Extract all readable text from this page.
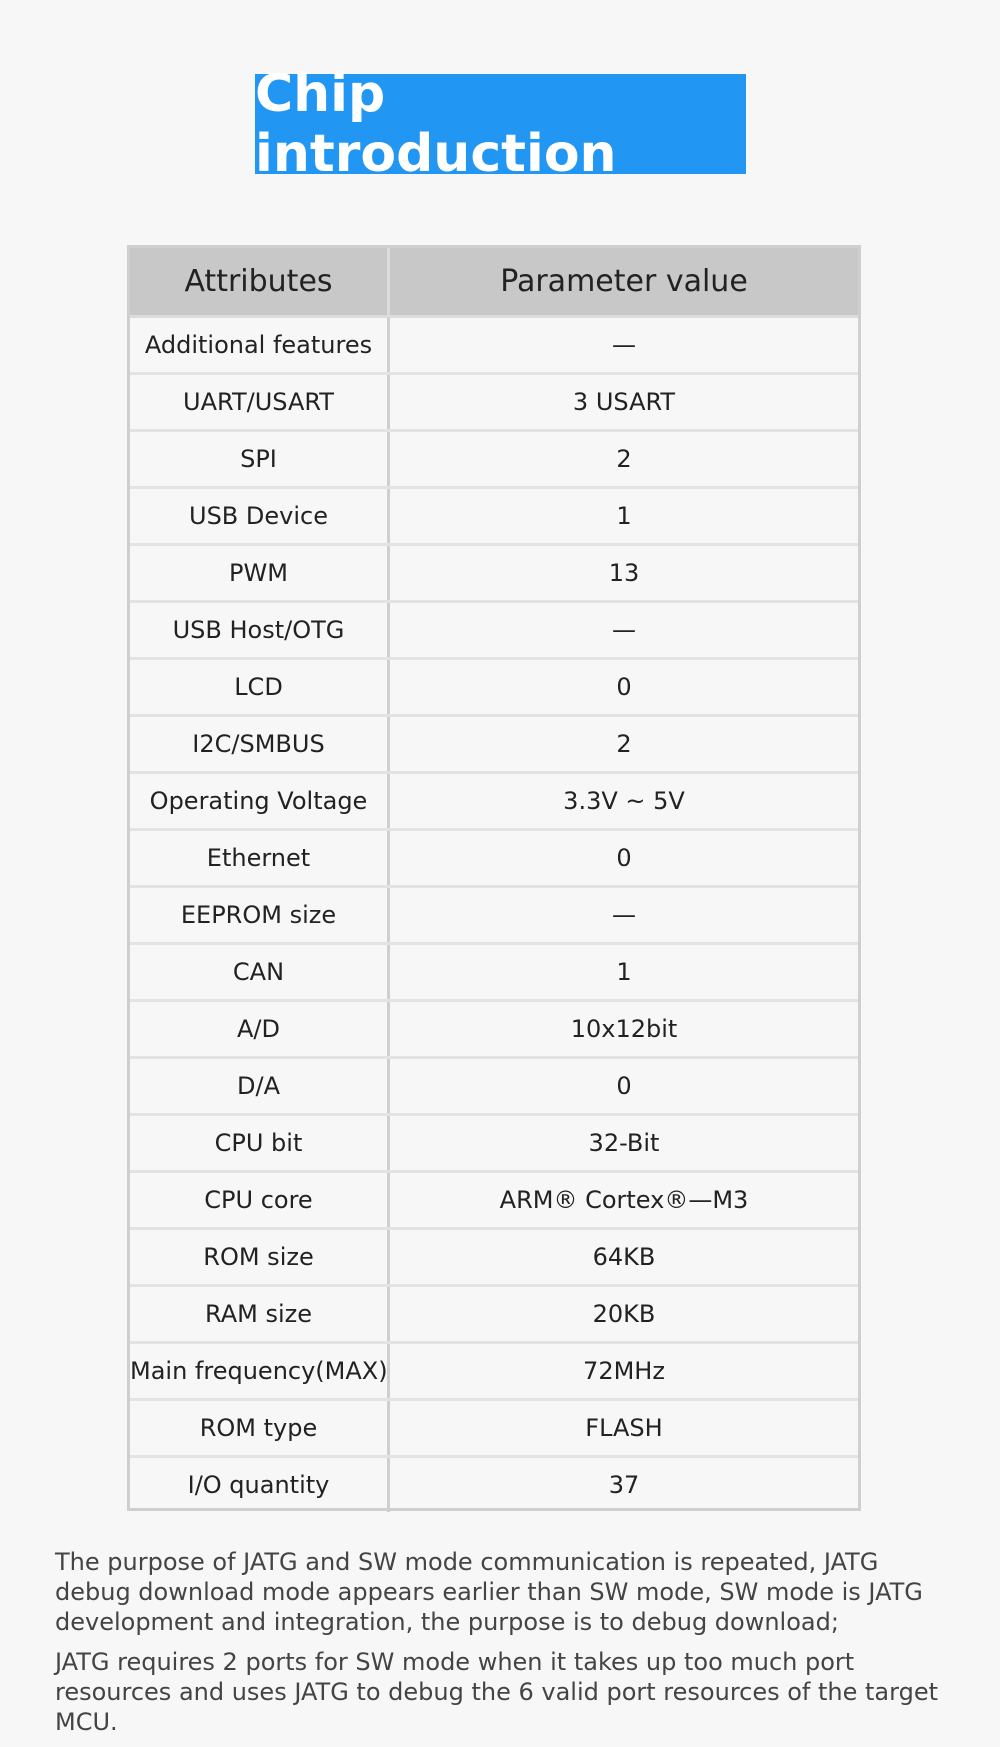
Chip introduction
Attributes	Parameter value
Additional features	—
UART/USART	3 USART
SPI	2
USB Device	1
PWM	13
USB Host/OTG	—
LCD	0
I2C/SMBUS	2
Operating Voltage	3.3V ~ 5V
Ethernet	0
EEPROM size	—
CAN	1
A/D	10x12bit
D/A	0
CPU bit	32-Bit
CPU core	ARM® Cortex®—M3
ROM size	64KB
RAM size	20KB
Main frequency(MAX)	72MHz
ROM type	FLASH
I/O quantity	37

The purpose of JATG and SW mode communication is repeated, JATG debug download mode appears earlier than SW mode, SW mode is JATG development and integration, the purpose is to debug download;

JATG requires 2 ports for SW mode when it takes up too much port resources and uses JATG to debug the 6 valid port resources of the target MCU.
